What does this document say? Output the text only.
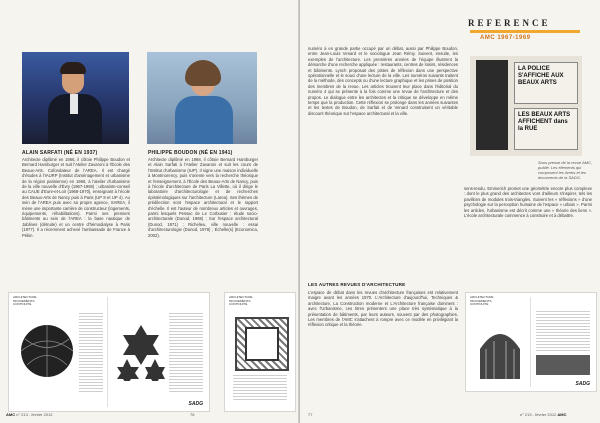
ALAIN SARFATI (NÉ EN 1937)
Architecte diplômé en 1966, il côtoie Philippe Boudon et Bernard Hamburger et suit l'Atelier Zavaroni à l'École des Beaux-Arts. Cofondateur de l'AREA. Il est chargé d'études à l'IAURP (Institut d'aménagement et urbanisme de la région parisienne) en 1966, à l'atelier d'urbanisme de la ville nouvelle d'Évry (1967-1968) ; urbaniste-conseil au CAUE d'Eure-et-Loir (1968-1970), enseignant à l'école des Beaux-Arts de Nancy puis à Paris (UP 8 et UP 4). Au sein de l'AREA puis avec sa propre agence, SAREA, il mène une importante carrière de constructeur (logements, équipements, réhabilitations). Parmi ses premiers bâtiments au sein de l'AREA : la base nautique de Jablines (détruite) et un centre d'hémodialyse à Paris (1977). Il a récemment achevé l'ambassade de France à Pékin.
PHILIPPE BOUDON (NÉ EN 1941)
Architecte diplômé en 1968, il côtoie Bernard Hamburger et Alain Sarfati à l'Atelier Zavaroni et suit les cours de l'Institut d'urbanisme (IUP). Il signe une maison individuelle à Montmorency, puis s'oriente vers la recherche théorique et l'enseignement, à l'École des Beaux-Arts de Nancy, puis à l'école d'architecture de Paris La Villette, où il dirige le laboratoire d'architecturologie et de recherches épistémologiques sur l'architecture (Larea). Ses thèmes de prédilection sont l'espace architectural et le rapport d'échelle. Il est l'auteur de nombreux articles et ouvrages, parmi lesquels Pessac de Le Corbusier : étude socio-architecturale (Dunod, 1969) ; Sur l'espace architectural (Dunod, 1971) ; Richelieu, ville nouvelle : essai d'architecturologie (Dunod, 1978) ; Échelle(s) (Economica, 2002).
ARCHITECTURE MOUVEMENTS CONTINUITÉ
SADG
ARCHITECTURE MOUVEMENTS CONTINUITÉ
AMC n° 213 - février 2012	76
REFERENCE
AMC 1967-1969
numéro à en grande partie occupé par un débat, aussi par Philippe Boudon, entre Jean-Louis Venard et le sociologue Jean Rémy. Suivent, ensuite, les exemples de l'architecture. Les premières années de l'équipe illustrent la démarche d'une recherche appliquée : restaurants, centres de loisirs, résidences et bâtiments. Lynch proposait des pistes de réflexion dans une perspective opérationnelle et le souci d'une lecture de la ville. Les numéros suivants traitent de la méthode, des concepts ou d'une lecture graphique et les prises de position des membres de la revue. Les articles trouvent leur place dans l'éditorial du numéro 4 qui se présente à la fois comme une revue de l'architecture et des propos. Le dialogue entre les architectes et la critique se développe en même temps que la production. Cette réflexion se prolonge dans les années suivantes et les textes de Boudon, de Sarfati et de Venard construisent un véritable discours théorique sur l'espace architectural et la ville.
LA POLICE S'AFFICHE AUX BEAUX ARTS
LES BEAUX ARTS AFFICHENT dans la RUE
Sous presse de la revue AMC, publié. Les éléments qui composent les livrets et les documents de la SADG.
sens-tendu. Emmerich promet une géométrie encore plus complexe : dont le plus grand des architectes vont d'ailleurs s'inspirer, tels les pavillons de modules trois-triangles. Suivent les « réflexions » d'une psychologie sur la perception humaine de l'espace « urbain ». Parmi les articles, l'urbanisme est décrit comme une « théorie des liens ». L'école architecturale commence à construire et à débattre.
LES AUTRES REVUES D'ARCHITECTURE
L'espace de débat dans les revues d'architecture françaises est relativement maigre avant les années 1970. L'Architecture d'aujourd'hui, Techniques & architecture, La Construction moderne et L'Architecture française dominent : avec l'Urbanisme, ces titres présentent une place très systématique à la présentation de bâtiments, par leurs auteurs, souvent par des photographies. Les membres de l'AMC s'attachent à rompre avec ce modèle en privilégiant la réflexion critique et la théorie.
ARCHITECTURE MOUVEMENTS CONTINUITÉ
SADG
77	n° 213 - février 2012 AMC
